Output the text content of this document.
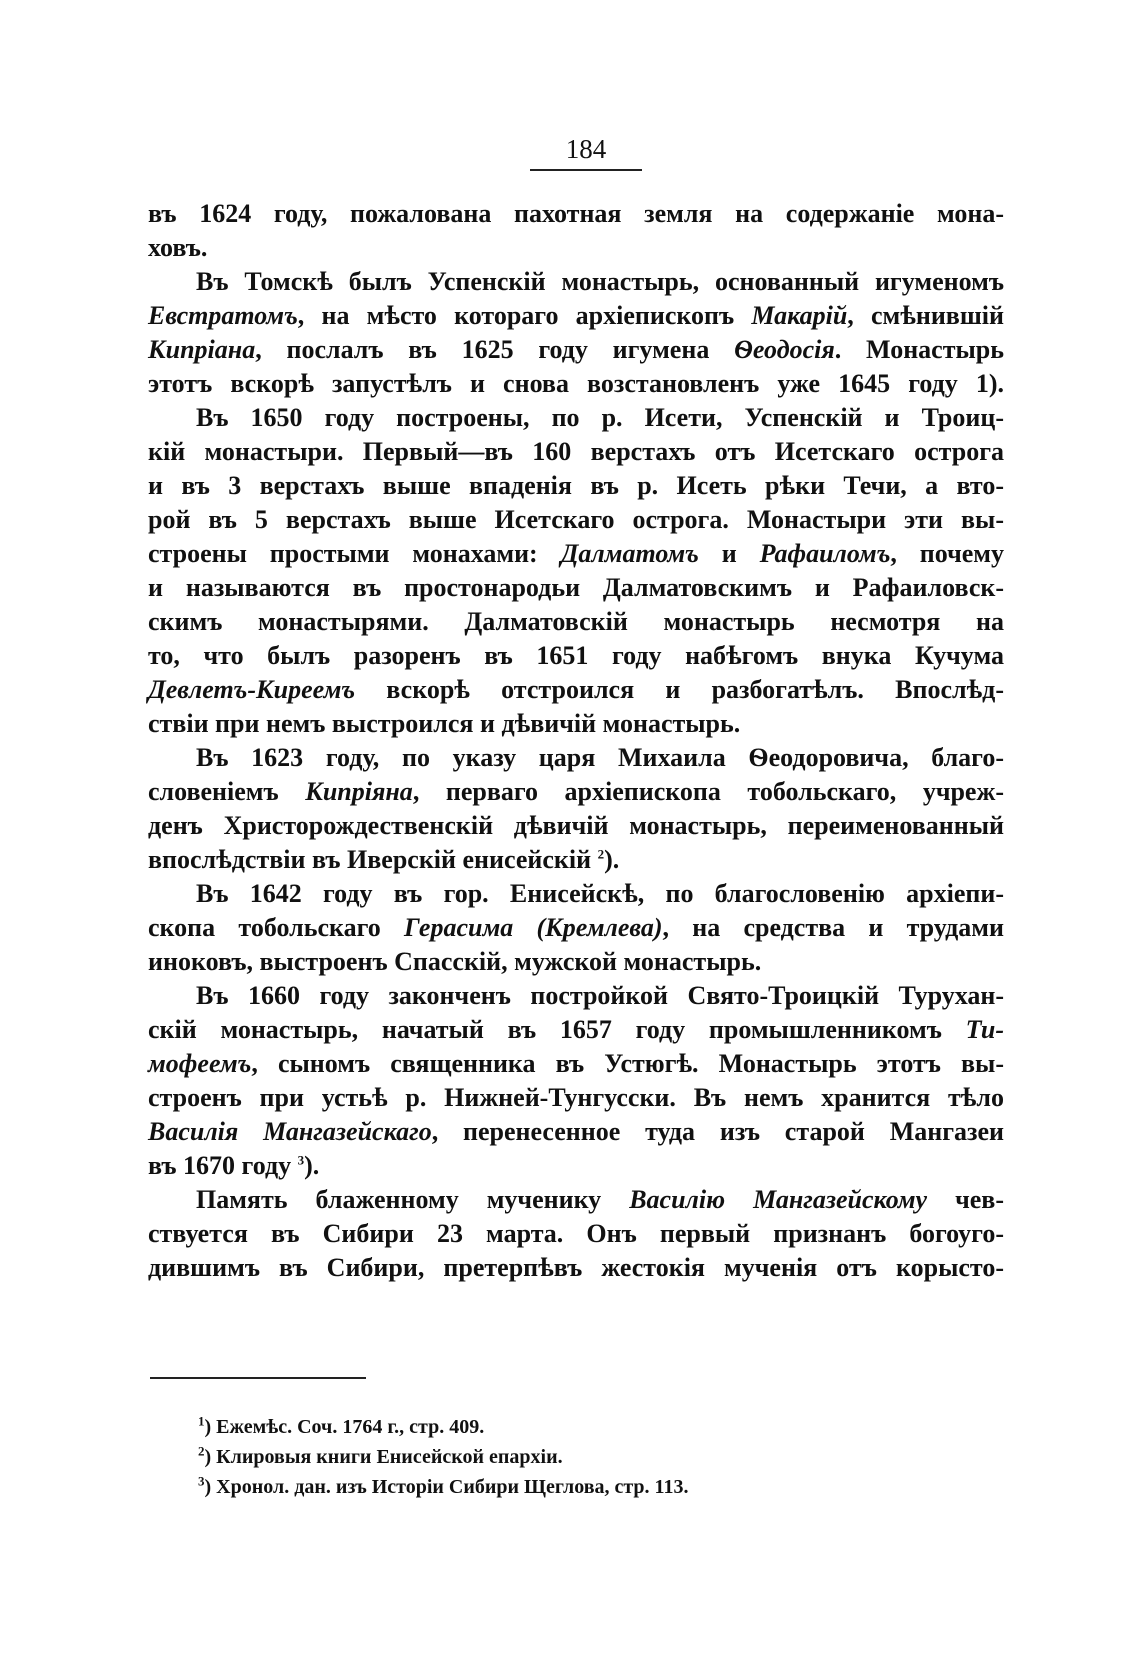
184
въ 1624 году, пожалована пахотная земля на содержаніе мона-
ховъ.
Въ Томскѣ былъ Успенскій монастырь, основанный игуменомъ
Евстратомъ, на мѣсто котораго архіепископъ Макарій, смѣнившій
Кипріана, послалъ въ 1625 году игумена Ѳеодосія. Монастырь
этотъ вскорѣ запустѣлъ и снова возстановленъ уже 1645 году 1).
Въ 1650 году построены, по р. Исети, Успенскій и Троиц-
кій монастыри. Первый—въ 160 верстахъ отъ Исетскаго острога
и въ 3 верстахъ выше впаденія въ р. Исеть рѣки Течи, а вто-
рой въ 5 верстахъ выше Исетскаго острога. Монастыри эти вы-
строены простыми монахами: Далматомъ и Рафаиломъ, почему
и называются въ простонародьи Далматовскимъ и Рафаиловск-
скимъ монастырями. Далматовскій монастырь несмотря на
то, что былъ разоренъ въ 1651 году набѣгомъ внука Кучума
Девлетъ-Киреемъ вскорѣ отстроился и разбогатѣлъ. Впослѣд-
ствіи при немъ выстроился и дѣвичій монастырь.
Въ 1623 году, по указу царя Михаила Ѳеодоровича, благо-
словеніемъ Кипріяна, перваго архіепископа тобольскаго, учреж-
денъ Христорождественскій дѣвичій монастырь, переименованный
впослѣдствіи въ Иверскій енисейскій $^2$).
Въ 1642 году въ гор. Енисейскѣ, по благословенію архіепи-
скопа тобольскаго Герасима (Кремлева), на средства и трудами
иноковъ, выстроенъ Спасскій, мужской монастырь.
Въ 1660 году законченъ постройкой Свято-Троицкій Турухан-
скій монастырь, начатый въ 1657 году промышленникомъ Ти-
мофеемъ, сыномъ священника въ Устюгѣ. Монастырь этотъ вы-
строенъ при устьѣ р. Нижней-Тунгусски. Въ немъ хранится тѣло
Василія Мангазейскаго, перенесенное туда изъ старой Мангазеи
въ 1670 году $^3$).
Память блаженному мученику Василію Мангазейскому чев-
ствуется въ Сибири 23 марта. Онъ первый признанъ богоуго-
дившимъ въ Сибири, претерпѣвъ жестокія мученія отъ корысто-
$^1$) Ежемѣс. Соч. 1764 г., стр. 409.
$^2$) Клировыя книги Енисейской епархіи.
$^3$) Хронол. дан. изъ Исторіи Сибири Щеглова, стр. 113.
